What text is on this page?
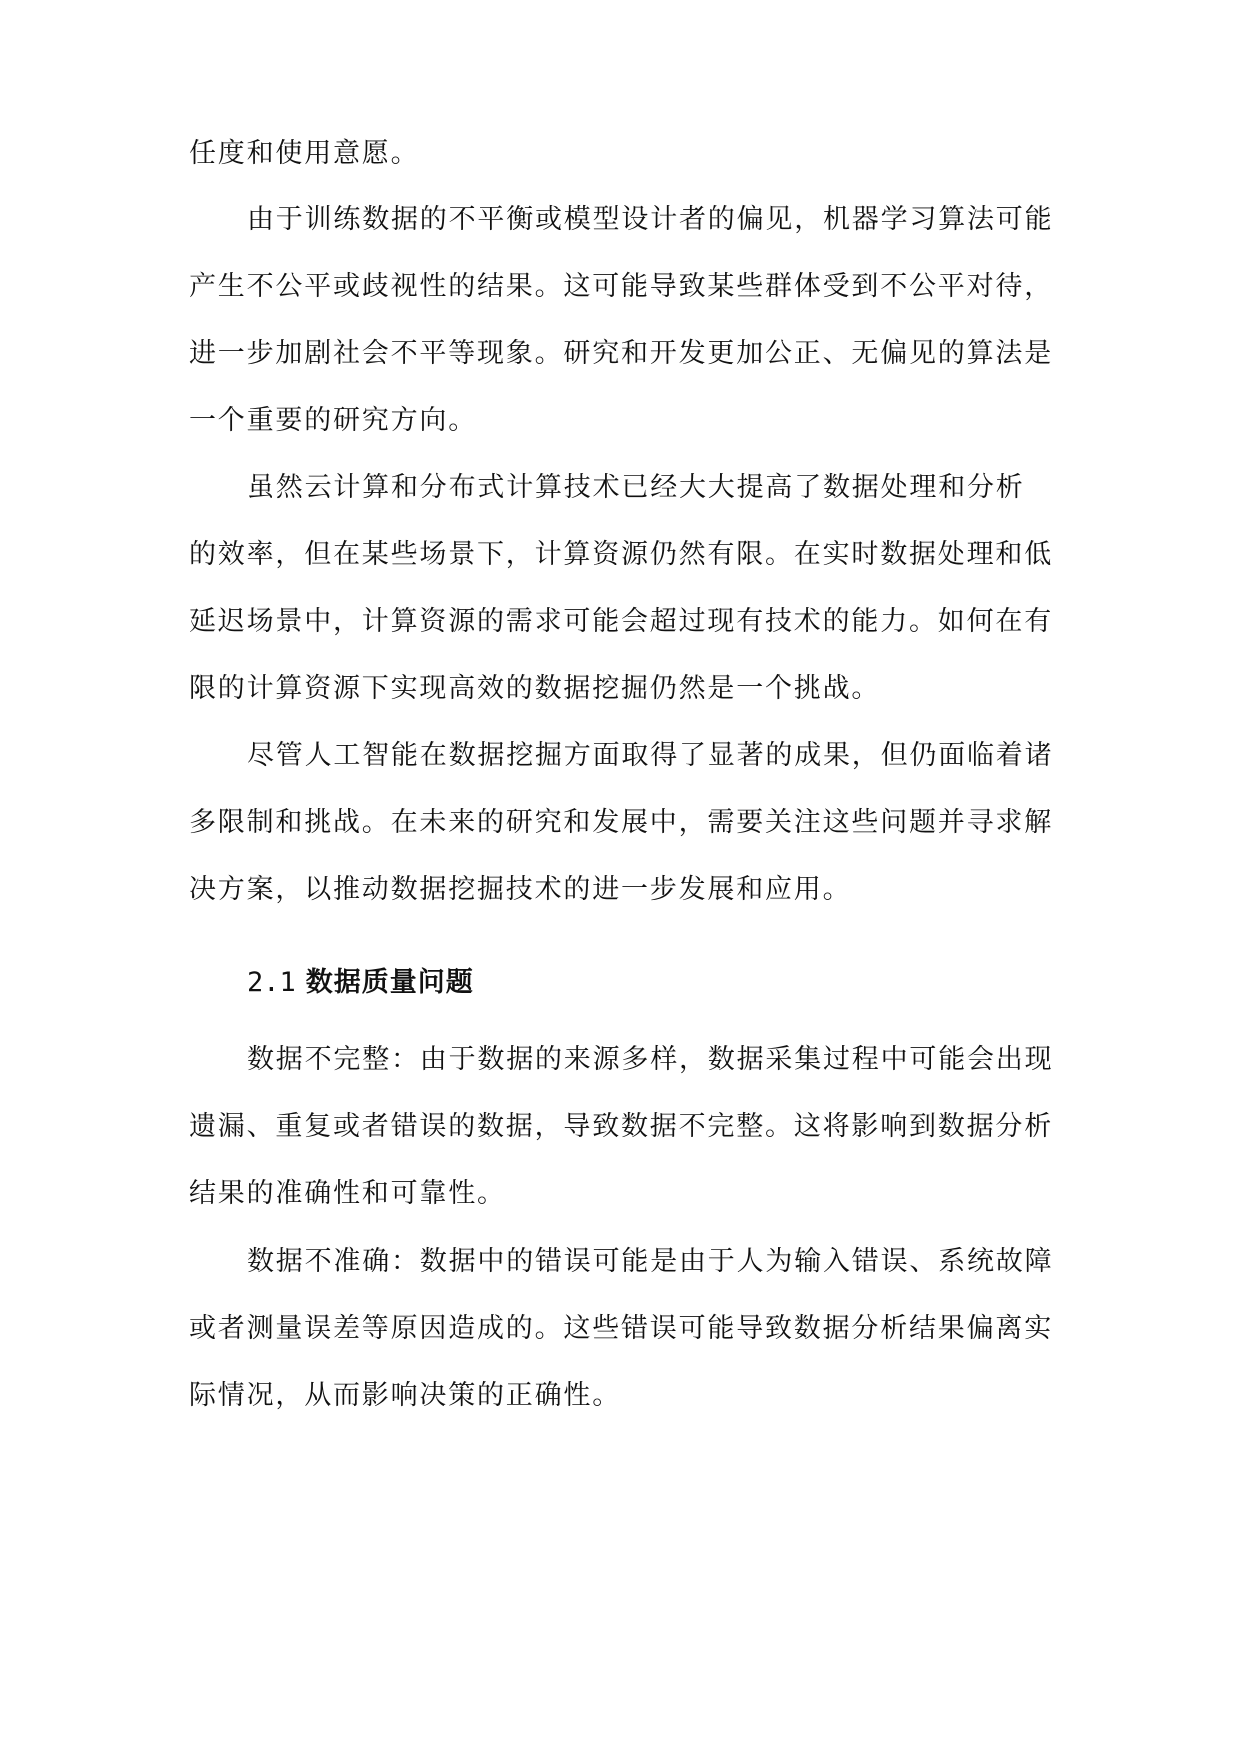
任度和使用意愿。
由于训练数据的不平衡或模型设计者的偏见，机器学习算法可能
产生不公平或歧视性的结果。这可能导致某些群体受到不公平对待，
进一步加剧社会不平等现象。研究和开发更加公正、无偏见的算法是
一个重要的研究方向。
虽然云计算和分布式计算技术已经大大提高了数据处理和分析
的效率，但在某些场景下，计算资源仍然有限。在实时数据处理和低
延迟场景中，计算资源的需求可能会超过现有技术的能力。如何在有
限的计算资源下实现高效的数据挖掘仍然是一个挑战。
尽管人工智能在数据挖掘方面取得了显著的成果，但仍面临着诸
多限制和挑战。在未来的研究和发展中，需要关注这些问题并寻求解
决方案，以推动数据挖掘技术的进一步发展和应用。
2.1 数据质量问题
数据不完整：由于数据的来源多样，数据采集过程中可能会出现
遗漏、重复或者错误的数据，导致数据不完整。这将影响到数据分析
结果的准确性和可靠性。
数据不准确：数据中的错误可能是由于人为输入错误、系统故障
或者测量误差等原因造成的。这些错误可能导致数据分析结果偏离实
际情况，从而影响决策的正确性。
